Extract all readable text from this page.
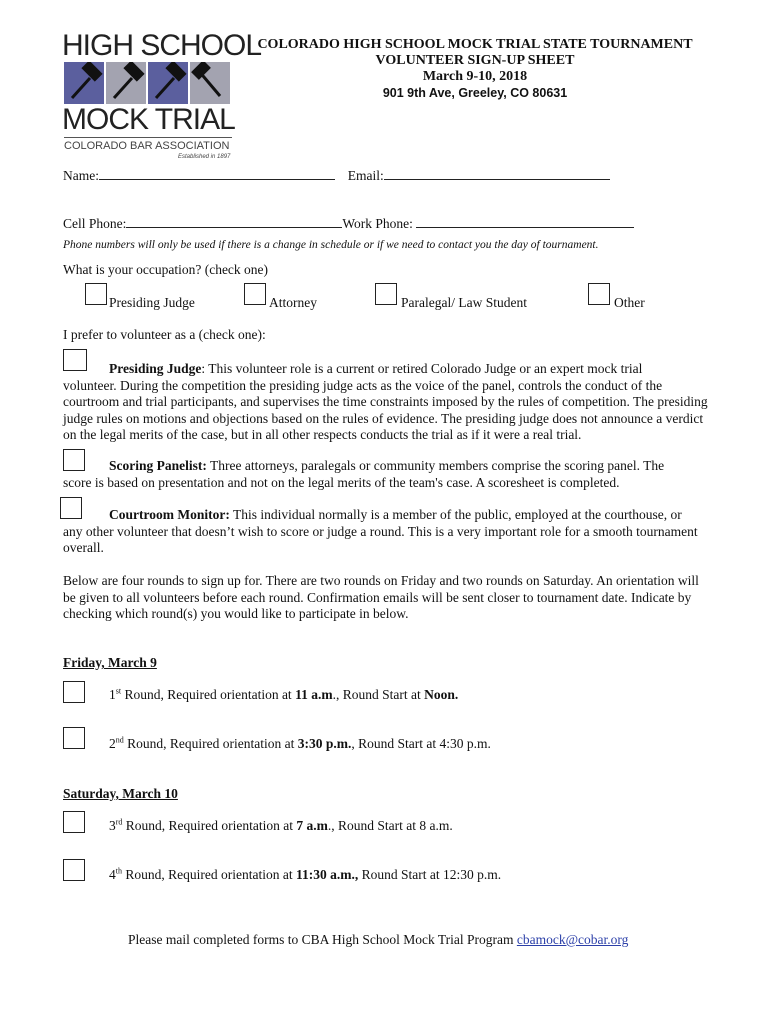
HIGH SCHOOL
MOCK TRIAL
COLORADO BAR ASSOCIATION
Established in 1897
COLORADO HIGH SCHOOL MOCK TRIAL STATE TOURNAMENT
VOLUNTEER SIGN-UP SHEET
March 9-10, 2018
901 9th Ave, Greeley, CO 80631
Name:	Email:
Cell Phone:	Work Phone:
Phone numbers will only be used if there is a change in schedule or if we need to contact you the day of tournament.
What is your occupation? (check one)
Presiding Judge	Attorney	Paralegal/ Law Student	Other
I prefer to volunteer as a (check one):
Presiding Judge: This volunteer role is a current or retired Colorado Judge or an expert mock trial
volunteer. During the competition the presiding judge acts as the voice of the panel, controls the conduct of the courtroom and trial participants, and supervises the time constraints imposed by the rules of competition. The presiding judge rules on motions and objections based on the rules of evidence. The presiding judge does not announce a verdict on the legal merits of the case, but in all other respects conducts the trial as if it were a real trial.
Scoring Panelist: Three attorneys, paralegals or community members comprise the scoring panel. The
score is based on presentation and not on the legal merits of the team's case. A scoresheet is completed.
Courtroom Monitor: This individual normally is a member of the public, employed at the courthouse, or
any other volunteer that doesn’t wish to score or judge a round. This is a very important role for a smooth tournament overall.
Below are four rounds to sign up for. There are two rounds on Friday and two rounds on Saturday. An orientation will be given to all volunteers before each round. Confirmation emails will be sent closer to tournament date. Indicate by checking which round(s) you would like to participate in below.
Friday, March 9
1st Round, Required orientation at 11 a.m., Round Start at Noon.
2nd Round, Required orientation at 3:30 p.m., Round Start at 4:30 p.m.
Saturday, March 10
3rd Round, Required orientation at 7 a.m., Round Start at 8 a.m.
4th Round, Required orientation at 11:30 a.m., Round Start at 12:30 p.m.
Please mail completed forms to CBA High School Mock Trial Program cbamock@cobar.org
